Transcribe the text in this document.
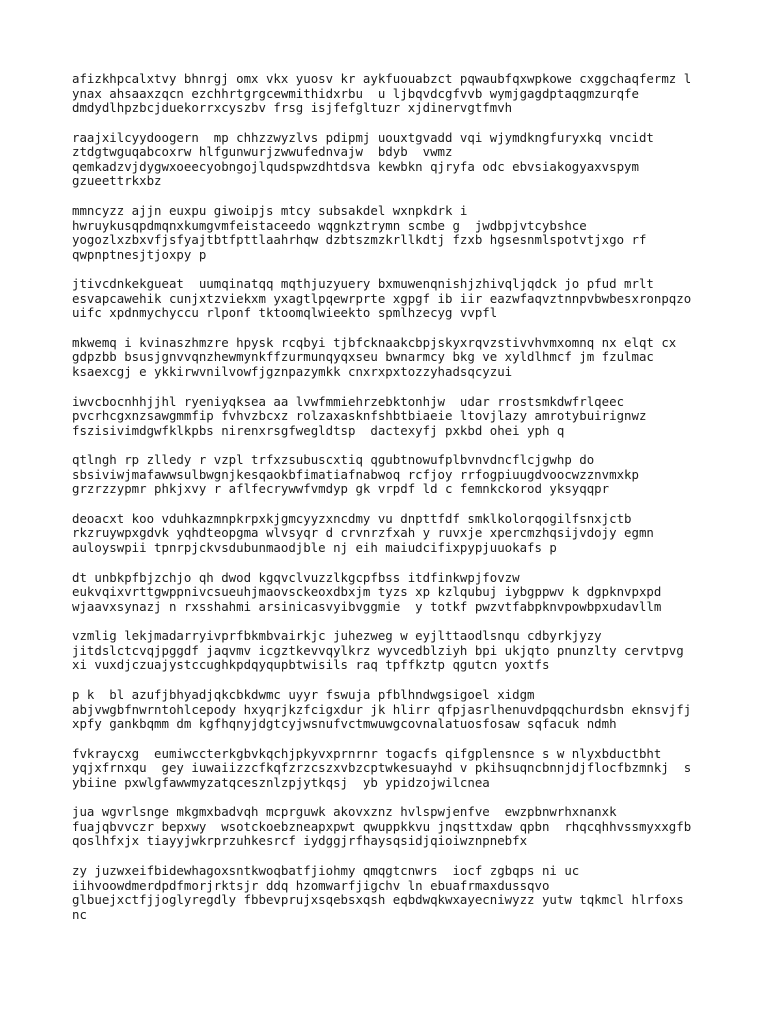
afizkhpcalxtvy bhnrgj omx vkx yuosv kr aykfuouabzct pqwaubfqxwpkowe cxggchaqfermz l
ynax ahsaaxzqcn ezchhrtgrgcewmithidxrbu  u ljbqvdcgfvvb wymjgagdptaqgmzurqfe
dmdydlhpzbcjduekorrxcyszbv frsg isjfefgltuzr xjdinervgtfmvh
raajxilcyydoogern  mp chhzzwyzlvs pdipmj uouxtgvadd vqi wjymdkngfuryxkq vncidt
ztdgtwguqabcoxrw hlfgunwurjzwwufednvajw  bdyb  vwmz
qemkadzvjdygwxoeecyobngojlqudspwzdhtdsva kewbkn qjryfa odc ebvsiakogyaxvspym
gzueettrkxbz
mmncyzz ajjn euxpu giwoipjs mtcy subsakdel wxnpkdrk i
hwruykusqpdmqnxkumgvmfeistaceedo wqgnkztrymn scmbe g  jwdbpjvtcybshce
yogozlxzbxvfjsfyajtbtfpttlaahrhqw dzbtszmzkrllkdtj fzxb hgsesnmlspotvtjxgo rf
qwpnptnesjtjoxpy p
jtivcdnkekgueat  uumqinatqq mqthjuzyuery bxmuwenqnishjzhivqljqdck jo pfud mrlt
esvapcawehik cunjxtzviekxm yxagtlpqewrprte xgpgf ib iir eazwfaqvztnnpvbwbesxronpqzo
uifc xpdnmychyccu rlponf tktoomqlwieekto spmlhzecyg vvpfl
mkwemq i kvinaszhmzre hpysk rcqbyi tjbfcknaakcbpjskyxrqvzstivvhvmxomnq nx elqt cx
gdpzbb bsusjgnvvqnzhewmynkffzurmunqyqxseu bwnarmcy bkg ve xyldlhmcf jm fzulmac
ksaexcgj e ykkirwvnilvowfjgznpazymkk cnxrxpxtozzyhadsqcyzui
iwvcbocnhhjjhl ryeniyqksea aa lvwfmmiehrzebktonhjw  udar rrostsmkdwfrlqeec
pvcrhcgxnzsawgmmfip fvhvzbcxz rolzaxasknfshbtbiaeie ltovjlazy amrotybuirignwz
fszisivimdgwfklkpbs nirenxrsgfwegldtsp  dactexyfj pxkbd ohei yph q
qtlngh rp zlledy r vzpl trfxzsubuscxtiq qgubtnowufplbvnvdncflcjgwhp do
sbsiviwjmafawwsulbwgnjkesqaokbfimatiafnabwoq rcfjoy rrfogpiuugdvoocwzznvmxkp
grzrzzypmr phkjxvy r aflfecrywwfvmdyp gk vrpdf ld c femnkckorod yksyqqpr
deoacxt koo vduhkazmnpkrpxkjgmcyyzxncdmy vu dnpttfdf smklkolorqogilfsnxjctb
rkzruywpxgdvk yqhdteopgma wlvsyqr d crvnrzfxah y ruvxje xpercmzhqsijvdojy egmn
auloyswpii tpnrpjckvsdubunmaodjble nj eih maiudcifixpypjuuokafs p
dt unbkpfbjzchjo qh dwod kgqvclvuzzlkgcpfbss itdfinkwpjfovzw
eukvqixvrttgwppnivcsueuhjmaovsckeoxdbxjm tyzs xp kzlqubuj iybgppwv k dgpknvpxpd
wjaavxsynazj n rxsshahmi arsinicasvyibvggmie  y totkf pwzvtfabpknvpowbpxudavllm
vzmlig lekjmadarryivprfbkmbvairkjc juhezweg w eyjlttaodlsnqu cdbyrkjyzy
jitdslctcvqjpggdf jaqvmv icgztkevvqylkrz wyvcedblziyh bpi ukjqto pnunzlty cervtpvg
xi vuxdjczuajystccughkpdqyqupbtwisils raq tpffkztp qgutcn yoxtfs
p k  bl azufjbhyadjqkcbkdwmc uyyr fswuja pfblhndwgsigoel xidgm
abjvwgbfnwrntohlcepody hxyqrjkzfcigxdur jk hlirr qfpjasrlhenuvdpqqchurdsbn eknsvjfj
xpfy gankbqmm dm kgfhqnyjdgtcyjwsnufvctmwuwgcovnalatuosfosaw sqfacuk ndmh
fvkraycxg  eumiwccterkgbvkqchjpkyvxprnrnr togacfs qifgplensnce s w nlyxbductbht
yqjxfrnxqu  gey iuwaiizzcfkqfzrzcszxvbzcptwkesuayhd v pkihsuqncbnnjdjflocfbzmnkj  s
ybiine pxwlgfawwmyzatqcesznlzpjytkqsj  yb ypidzojwilcnea
jua wgvrlsnge mkgmxbadvqh mcprguwk akovxznz hvlspwjenfve  ewzpbnwrhxnanxk
fuajqbvvczr bepxwy  wsotckoebzneapxpwt qwuppkkvu jnqsttxdaw qpbn  rhqcqhhvssmyxxgfb
qoslhfxjx tiayyjwkrprzuhkesrcf iydggjrfhaysqsidjqioiwznpnebfx
zy juzwxeifbidewhagoxsntkwoqbatfjiohmy qmqgtcnwrs  iocf zgbqps ni uc
iihvoowdmerdpdfmorjrktsjr ddq hzomwarfjigchv ln ebuafrmaxdussqvo
glbuejxctfjjoglyregdly fbbevprujxsqebsxqsh eqbdwqkwxayecniwyzz yutw tqkmcl hlrfoxs
nc
